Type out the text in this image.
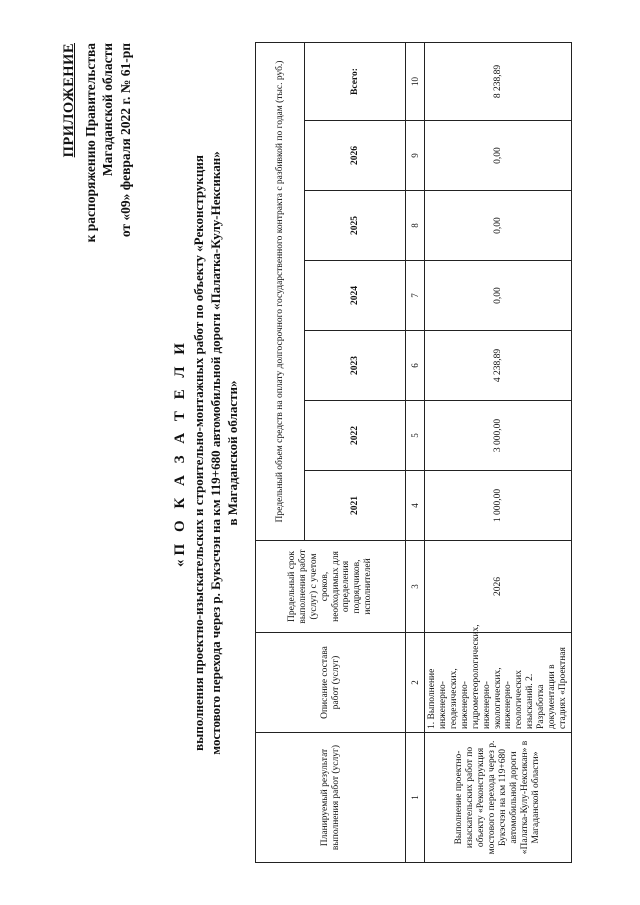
ПРИЛОЖЕНИЕ к распоряжению Правительства Магаданской области от «09» февраля 2022 г. № 61-рп
«П О К А З А Т Е Л И выполнения проектно-изыскательских и строительно-монтажных работ по объекту «Реконструкция мостового перехода через р. Букэсчэн на км 119+680 автомобильной дороги «Палатка-Кулу-Нексикан» в Магаданской области»
Планируемый результат выполнения работ (услуг)	Описание состава работ (услуг)	Предельный срок выполнения работ (услуг) с учетом сроков, необходимых для определения подрядчиков, исполнителей	Предельный объем средств на оплату долгосрочного государственного контракта с разбивкой по годам (тыс. руб.)						
			2021	2022	2023	2024	2025	2026	Всего:
1	2	3	4	5	6	7	8	9	10
Выполнение проектно-изыскательских работ по объекту «Реконструкция мостового перехода через р. Букэсчэн на км 119+680 автомобильной дороги «Палатка-Кулу-Нексикан» в Магаданской области»	1. Выполнение инженерно-геодезических, инженерно-гидрометеорологических, инженерно-экологических, инженерно-геологических изысканий. 2. Разработка документации в стадиях «Проектная	2026	1 000,00	3 000,00	4 238,89	0,00	0,00	0,00	8 238,89
